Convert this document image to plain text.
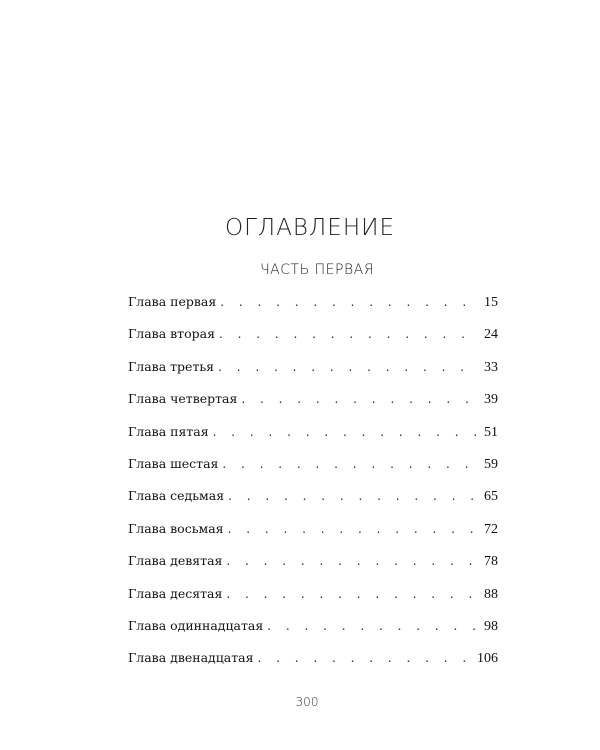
ОГЛАВЛЕНИЕ
ЧАСТЬ ПЕРВАЯ
Глава первая . . .	15
Глава вторая . . .	24
Глава третья . . .	33
Глава четвертая . . .	39
Глава пятая . . .	51
Глава шестая . . .	59
Глава седьмая . . .	65
Глава восьмая . . .	72
Глава девятая . . .	78
Глава десятая . . .	88
Глава одиннадцатая . . .	98
Глава двенадцатая . . .	106
300
